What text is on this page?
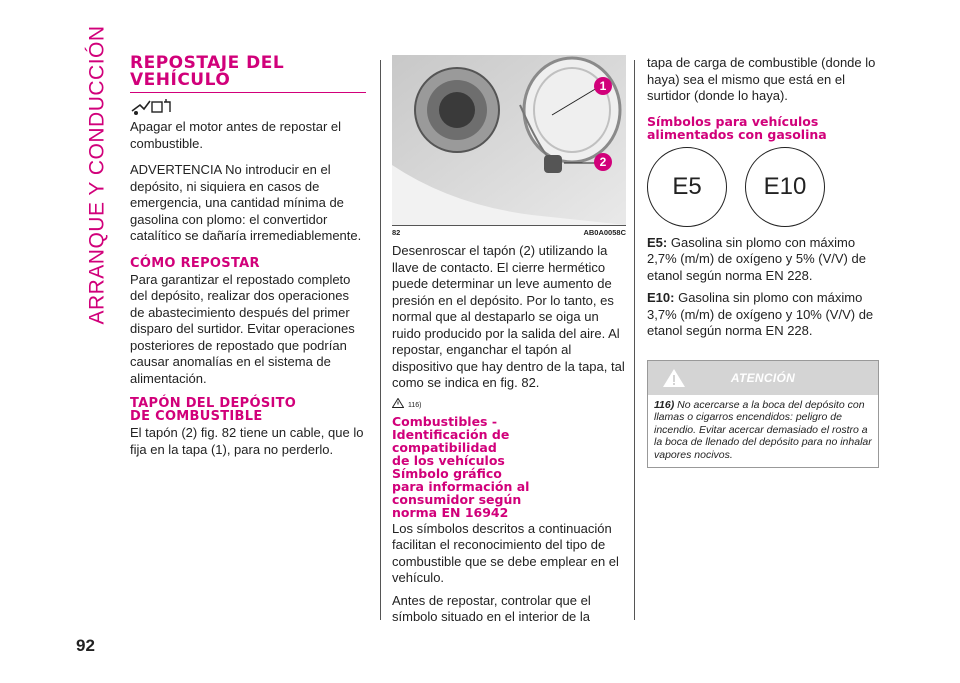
ARRANQUE Y CONDUCCIÓN REPOSTAJE DEL
VEHÍCULO

Apagar el motor antes de repostar el combustible.

ADVERTENCIA No introducir en el depósito, ni siquiera en casos de emergencia, una cantidad mínima de gasolina con plomo: el convertidor catalítico se dañaría irremediablemente.

CÓMO REPOSTAR

Para garantizar el repostado completo del depósito, realizar dos operaciones de abastecimiento después del primer disparo del surtidor. Evitar operaciones posteriores de repostado que podrían causar anomalías en el sistema de alimentación.

TAPÓN DEL DEPÓSITO
DE COMBUSTIBLE

El tapón (2) fig. 82 tiene un cable, que lo fija en la tapa (1), para no perderlo.

1
2
82	AB0A0058C

Desenroscar el tapón (2) utilizando la llave de contacto. El cierre hermético puede determinar un leve aumento de presión en el depósito. Por lo tanto, es normal que al destaparlo se oiga un ruido producido por la salida del aire. Al repostar, enganchar el tapón al dispositivo que hay dentro de la tapa, tal como se indica en fig. 82.

116)
Combustibles -
Identificación de
compatibilidad
de los vehículos
Símbolo gráfico
para información al
consumidor según
norma EN 16942

Los símbolos descritos a continuación facilitan el reconocimiento del tipo de combustible que se debe emplear en el vehículo.

Antes de repostar, controlar que el símbolo situado en el interior de la

tapa de carga de combustible (donde lo haya) sea el mismo que está en el surtidor (donde lo haya).

Símbolos para vehículos
alimentados con gasolina
E5	E10

E5: Gasolina sin plomo con máximo 2,7% (m/m) de oxígeno y 5% (V/V) de etanol según norma EN 228.

E10: Gasolina sin plomo con máximo 3,7% (m/m) de oxígeno y 10% (V/V) de etanol según norma EN 228.

ATENCIÓN
116) No acercarse a la boca del depósito con llamas o cigarros encendidos: peligro de incendio. Evitar acercar demasiado el rostro a la boca de llenado del depósito para no inhalar vapores nocivos.
92
